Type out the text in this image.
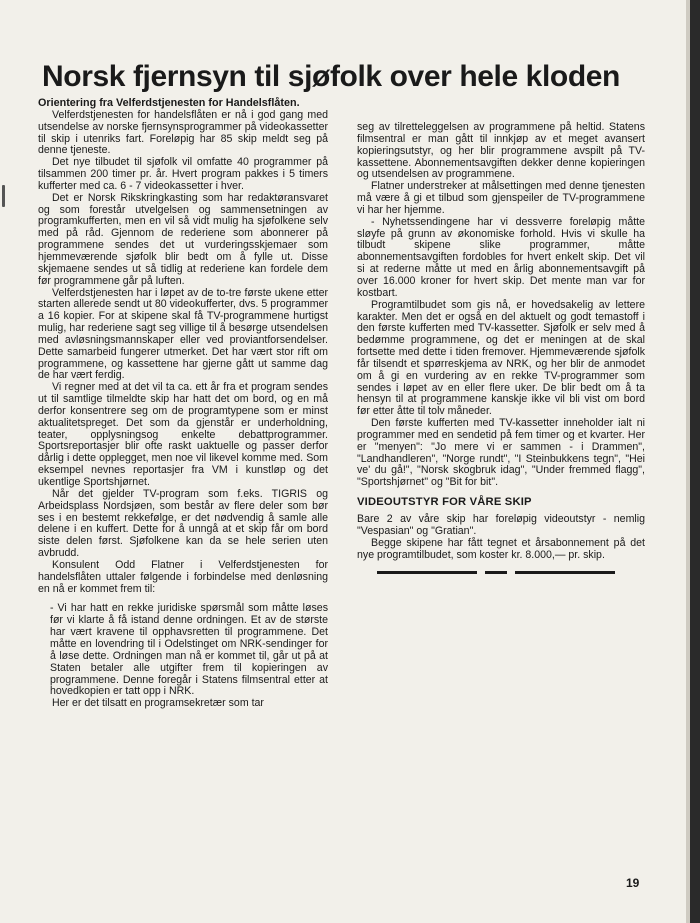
Norsk fjernsyn til sjøfolk over hele kloden

Orientering fra Velferdstjenesten for Handelsflåten.

Velferdstjenesten for handelsflåten er nå i god gang med utsendelse av norske fjernsynsprogrammer på videokassetter til skip i utenriks fart. Foreløpig har 85 skip meldt seg på denne tjeneste.

Det nye tilbudet til sjøfolk vil omfatte 40 programmer på tilsammen 200 timer pr. år. Hvert program pakkes i 5 timers kufferter med ca. 6 - 7 videokassetter i hver.

Det er Norsk Rikskringkasting som har redaktøransvaret og som forestår utvelgelsen og sammensetningen av programkufferten, men en vil så vidt mulig ha sjøfolkene selv med på råd. Gjennom de rederiene som abonnerer på programmene sendes det ut vurderingsskjemaer som hjemmeværende sjøfolk blir bedt om å fylle ut. Disse skjemaene sendes ut så tidlig at rederiene kan fordele dem før programmene går på luften.

Velferdstjenesten har i løpet av de to-tre første ukene etter starten allerede sendt ut 80 videokufferter, dvs. 5 programmer a 16 kopier. For at skipene skal få TV-programmene hurtigst mulig, har rederiene sagt seg villige til å besørge utsendelsen med avløsningsmannskaper eller ved proviantforsendelser. Dette samarbeid fungerer utmerket. Det har vært stor rift om programmene, og kassettene har gjerne gått ut samme dag de har vært ferdig.

Vi regner med at det vil ta ca. ett år fra et program sendes ut til samtlige tilmeldte skip har hatt det om bord, og en må derfor konsentrere seg om de programtypene som er minst aktualitetspreget. Det som da gjenstår er underholdning, teater, opplysningsog enkelte debattprogrammer. Sportsreportasjer blir ofte raskt uaktuelle og passer derfor dårlig i dette opplegget, men noe vil likevel komme med. Som eksempel nevnes reportasjer fra VM i kunstløp og det ukentlige Sportshjørnet.

Når det gjelder TV-program som f.eks. TIGRIS og Arbeidsplass Nordsjøen, som består av flere deler som bør ses i en bestemt rekkefølge, er det nødvendig å samle alle delene i en kuffert. Dette for å unngå at et skip får om bord siste delen først. Sjøfolkene kan da se hele serien uten avbrudd.

Konsulent Odd Flatner i Velferdstjenesten for handelsflåten uttaler følgende i forbindelse med denløsning en nå er kommet frem til:

- Vi har hatt en rekke juridiske spørsmål som måtte løses før vi klarte å få istand denne ordningen. Et av de største har vært kravene til opphavsretten til programmene. Det måtte en lovendring til i Odelstinget om NRK-sendinger for å løse dette. Ordningen man nå er kommet til, går ut på at Staten betaler alle utgifter frem til kopieringen av programmene. Denne foregår i Statens filmsentral etter at hovedkopien er tatt opp i NRK.

Her er det tilsatt en programsekretær som tar

seg av tilretteleggelsen av programmene på heltid. Statens filmsentral er man gått til innkjøp av et meget avansert kopieringsutstyr, og her blir programmene avspilt på TV-kassettene. Abonnementsavgiften dekker denne kopieringen og utsendelsen av programmene.

Flatner understreker at målsettingen med denne tjenesten må være å gi et tilbud som gjenspeiler de TV-programmene vi har her hjemme.

- Nyhetssendingene har vi dessverre foreløpig måtte sløyfe på grunn av økonomiske forhold. Hvis vi skulle ha tilbudt skipene slike programmer, måtte abonnementsavgiften fordobles for hvert enkelt skip. Det vil si at rederne måtte ut med en årlig abonnementsavgift på over 16.000 kroner for hvert skip. Det mente man var for kostbart.

Programtilbudet som gis nå, er hovedsakelig av lettere karakter. Men det er også en del aktuelt og godt temastoff i den første kufferten med TV-kassetter. Sjøfolk er selv med å bedømme programmene, og det er meningen at de skal fortsette med dette i tiden fremover. Hjemmeværende sjøfolk får tilsendt et spørreskjema av NRK, og her blir de anmodet om å gi en vurdering av en rekke TV-programmer som sendes i løpet av en eller flere uker. De blir bedt om å ta hensyn til at programmene kanskje ikke vil bli vist om bord før etter åtte til tolv måneder.

Den første kufferten med TV-kassetter inneholder ialt ni programmer med en sendetid på fem timer og et kvarter. Her er "menyen": "Jo mere vi er sammen - i Drammen", "Landhandleren", "Norge rundt", "I Steinbukkens tegn", "Hei ve' du gå!", "Norsk skogbruk idag", "Under fremmed flagg", "Sportshjørnet" og "Bit for bit".

VIDEOUTSTYR FOR VÅRE SKIP

Bare 2 av våre skip har foreløpig videoutstyr - nemlig "Vespasian" og "Gratian".

Begge skipene har fått tegnet et årsabonnement på det nye programtilbudet, som koster kr. 8.000,— pr. skip.

19
